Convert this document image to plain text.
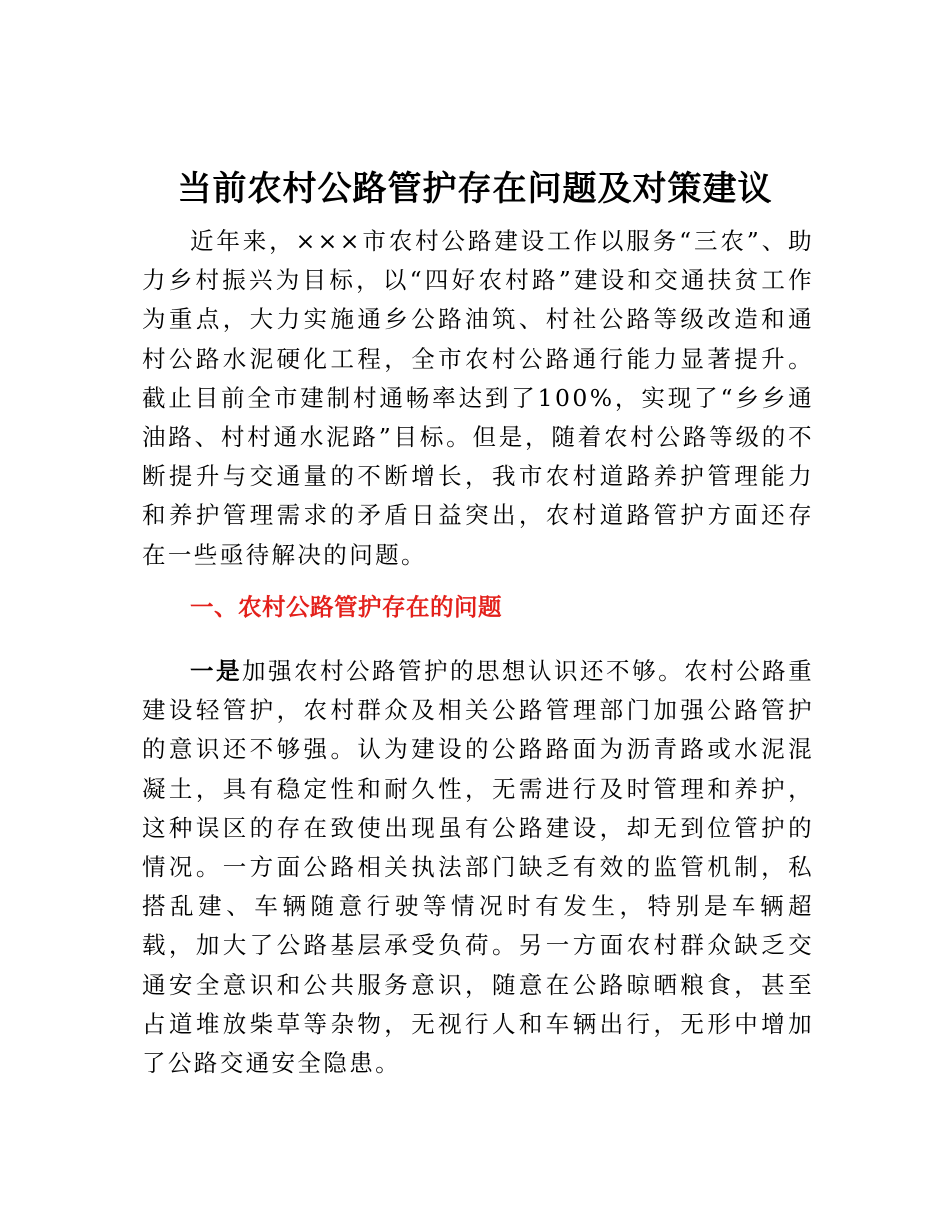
当前农村公路管护存在问题及对策建议

近年来，×××市农村公路建设工作以服务“三农”、助力乡村振兴为目标，以“四好农村路”建设和交通扶贫工作为重点，大力实施通乡公路油筑、村社公路等级改造和通村公路水泥硬化工程，全市农村公路通行能力显著提升。截止目前全市建制村通畅率达到了100%，实现了“乡乡通油路、村村通水泥路”目标。但是，随着农村公路等级的不断提升与交通量的不断增长，我市农村道路养护管理能力和养护管理需求的矛盾日益突出，农村道路管护方面还存在一些亟待解决的问题。

一、农村公路管护存在的问题

一是加强农村公路管护的思想认识还不够。农村公路重建设轻管护，农村群众及相关公路管理部门加强公路管护的意识还不够强。认为建设的公路路面为沥青路或水泥混凝土，具有稳定性和耐久性，无需进行及时管理和养护，这种误区的存在致使出现虽有公路建设，却无到位管护的情况。一方面公路相关执法部门缺乏有效的监管机制，私搭乱建、车辆随意行驶等情况时有发生，特别是车辆超载，加大了公路基层承受负荷。另一方面农村群众缺乏交通安全意识和公共服务意识，随意在公路晾晒粮食，甚至占道堆放柴草等杂物，无视行人和车辆出行，无形中增加了公路交通安全隐患。
